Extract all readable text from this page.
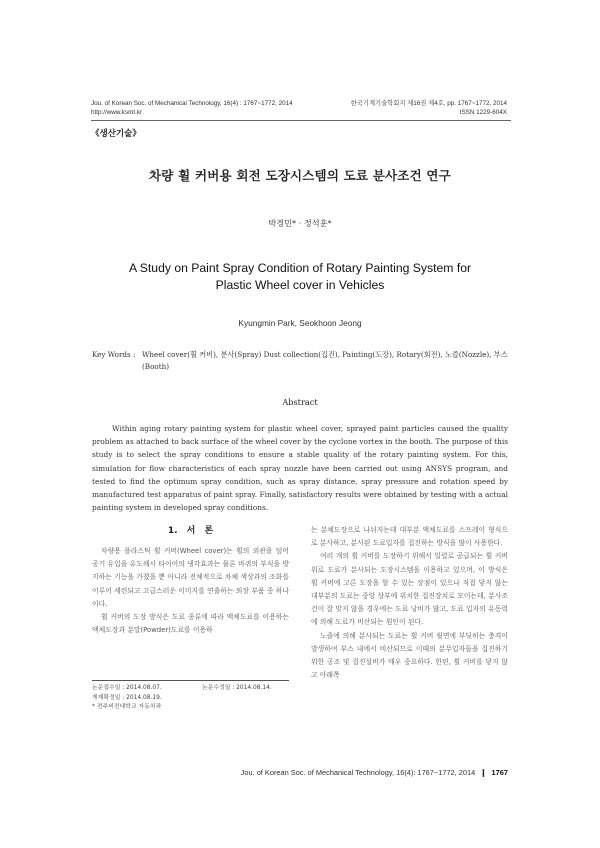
Jou. of Korean Soc. of Mechanical Technology, 16(4) : 1767~1772, 2014
http://www.ksmt.kr
한국기계기술학회지 제16권 제4호, pp. 1767~1772, 2014
ISSN 1229-604X
《생산기술》
차량 휠 커버용 회전 도장시스템의 도료 분사조건 연구
박경민* · 정석훈*
A Study on Paint Spray Condition of Rotary Painting System for
Plastic Wheel cover in Vehicles
Kyungmin Park, Seokhoon Jeong
Key Words : Wheel cover(휠 커버), 분사(Spray) Dust collection(집진), Painting(도장), Rotary(회전), 노즐(Nozzle), 부스(Booth)
Abstract
Within aging rotary painting system for plastic wheel cover, sprayed paint particles caused the quality problem as attached to back surface of the wheel cover by the cyclone vortex in the booth. The purpose of this study is to select the spray conditions to ensure a stable quality of the rotary painting system. For this, simulation for flow characteristics of each spray nozzle have been carried out using ANSYS program, and tested to find the optimum spray condition, such as spray distance, spray pressure and rotation speed by manufactured test apparatus of paint spray. Finally, satisfactory results were obtained by testing with a actual painting system in developed spray conditions.
1. 서 론

차량용 플라스틱 휠 커버(Wheel cover)는 휠의 외관을 덮어 공기 유입을 유도해서 타이어의 냉각효과는 물론 바퀴의 부식을 방지하는 기능을 가졌을 뿐 아니라 전체적으로 차체 색상과의 조화를 이루어 세련되고 고급스러운 이미지를 연출하는 외장 부품 중 하나이다.

휠 커버의 도장 방식은 도료 종류에 따라 액체도료를 이용하는 액체도장과 분말(Powder)도료를 이용하

는 분체도장으로 나뉘지는데 대부분 액체도료를 스프레이 형식으로 분사하고, 분사된 도료입자를 집진하는 방식을 많이 사용한다.

여러 개의 휠 커버를 도장하기 위해서 일렬로 공급되는 휠 커버 위로 도료가 분사되는 도장시스템을 이용하고 있으며, 이 방식은 휠 커버에 고른 도장을 할 수 있는 장점이 있으나 직접 닿지 않는 대부분의 도료는 중앙 상부에 위치한 집진장치로 모이는데, 분사조건이 잘 맞지 않을 경우에는 도료 낭비가 많고, 도료 입자의 유동력에 의해 도료가 비산되는 원인이 된다.

노즐에 의해 분사되는 도료는 휠 커버 윗면에 부딪히는 충격이 발생하여 부스 내에서 비산되므로 이때의 분무입자들을 집진하기 위한 공조 및 집진설비가 매우 중요하다. 한편, 휠 커버를 닿지 않고 아래쪽

논문접수일 : 2014.08.07.	논문수정일 : 2014.08.14.
게재확정일 : 2014.08.19.
* 전주비전대학교 자동차과
Jou. of Korean Soc. of Mechanical Technology, 16(4): 1767~1772, 2014 ❙ 1767
